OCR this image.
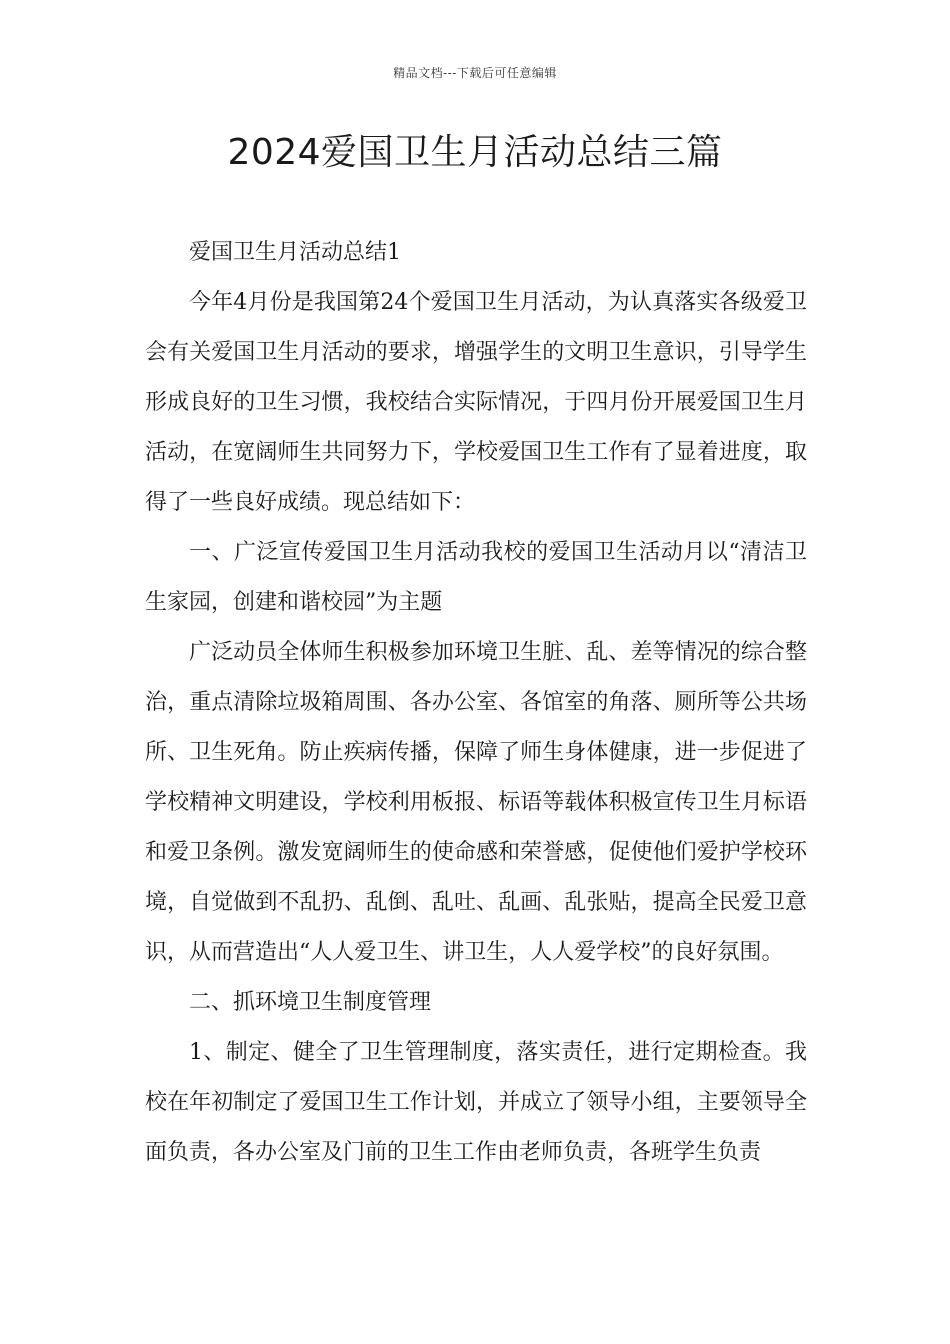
精品文档---下载后可任意编辑
2024爱国卫生月活动总结三篇

爱国卫生月活动总结1

今年4月份是我国第24个爱国卫生月活动，为认真落实各级爱卫会有关爱国卫生月活动的要求，增强学生的文明卫生意识，引导学生形成良好的卫生习惯，我校结合实际情况，于四月份开展爱国卫生月活动，在宽阔师生共同努力下，学校爱国卫生工作有了显着进度，取得了一些良好成绩。现总结如下：

一、广泛宣传爱国卫生月活动我校的爱国卫生活动月以“清洁卫生家园，创建和谐校园”为主题

广泛动员全体师生积极参加环境卫生脏、乱、差等情况的综合整治，重点清除垃圾箱周围、各办公室、各馆室的角落、厕所等公共场所、卫生死角。防止疾病传播，保障了师生身体健康，进一步促进了学校精神文明建设，学校利用板报、标语等载体积极宣传卫生月标语和爱卫条例。激发宽阔师生的使命感和荣誉感，促使他们爱护学校环境，自觉做到不乱扔、乱倒、乱吐、乱画、乱张贴，提高全民爱卫意识，从而营造出“人人爱卫生、讲卫生，人人爱学校”的良好氛围。

二、抓环境卫生制度管理

1、制定、健全了卫生管理制度，落实责任，进行定期检查。我校在年初制定了爱国卫生工作计划，并成立了领导小组，主要领导全面负责，各办公室及门前的卫生工作由老师负责，各班学生负责
